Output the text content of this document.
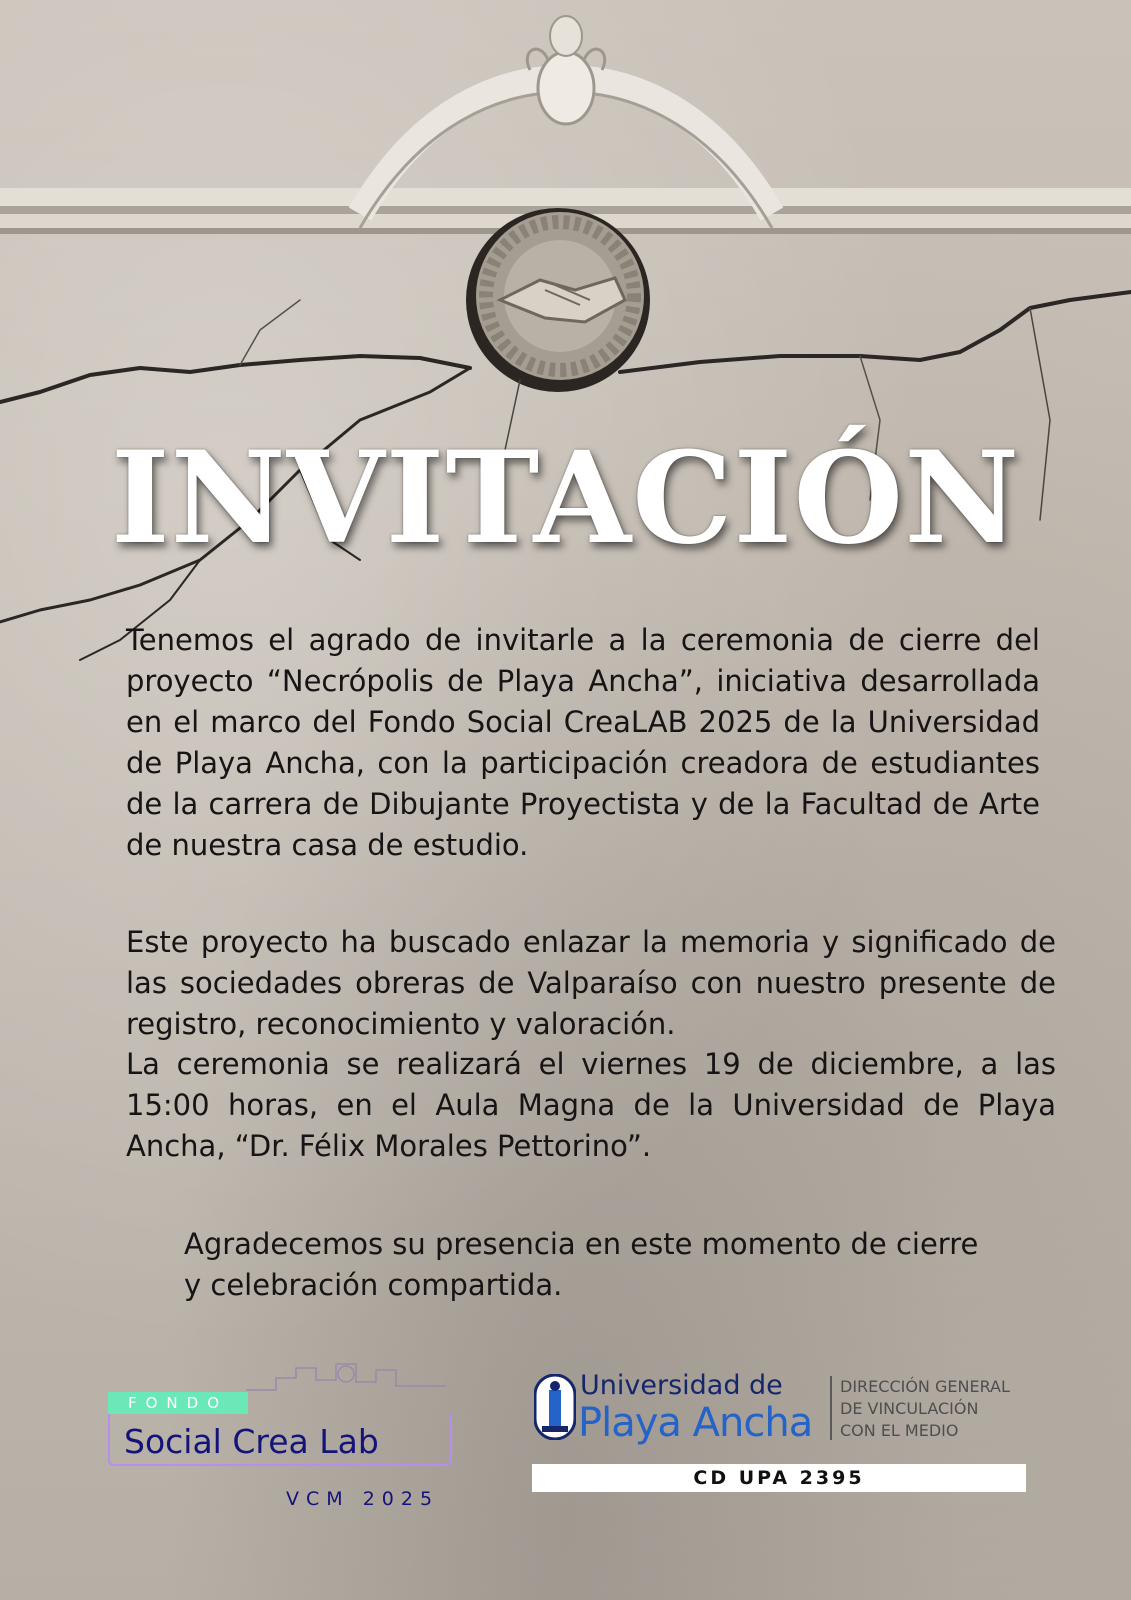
INVITACIÓN

Tenemos el agrado de invitarle a la ceremonia de cierre del proyecto “Necrópolis de Playa Ancha”, iniciativa desarrollada en el marco del Fondo Social CreaLAB 2025 de la Universidad de Playa Ancha, con la participación creadora de estudiantes de la carrera de Dibujante Proyectista y de la Facultad de Arte de nuestra casa de estudio.

Este proyecto ha buscado enlazar la memoria y significado de las sociedades obreras de Valparaíso con nuestro presente de registro, reconocimiento y valoración.

La ceremonia se realizará el viernes 19 de diciembre, a las 15:00 horas, en el Aula Magna de la Universidad de Playa Ancha, “Dr. Félix Morales Pettorino”.

Agradecemos su presencia en este momento de cierre y celebración compartida.

FONDO
Social Crea Lab
VCM 2025
Universidad de
Playa Ancha
DIRECCIÓN GENERAL
DE VINCULACIÓN
CON EL MEDIO
CD UPA 2395
